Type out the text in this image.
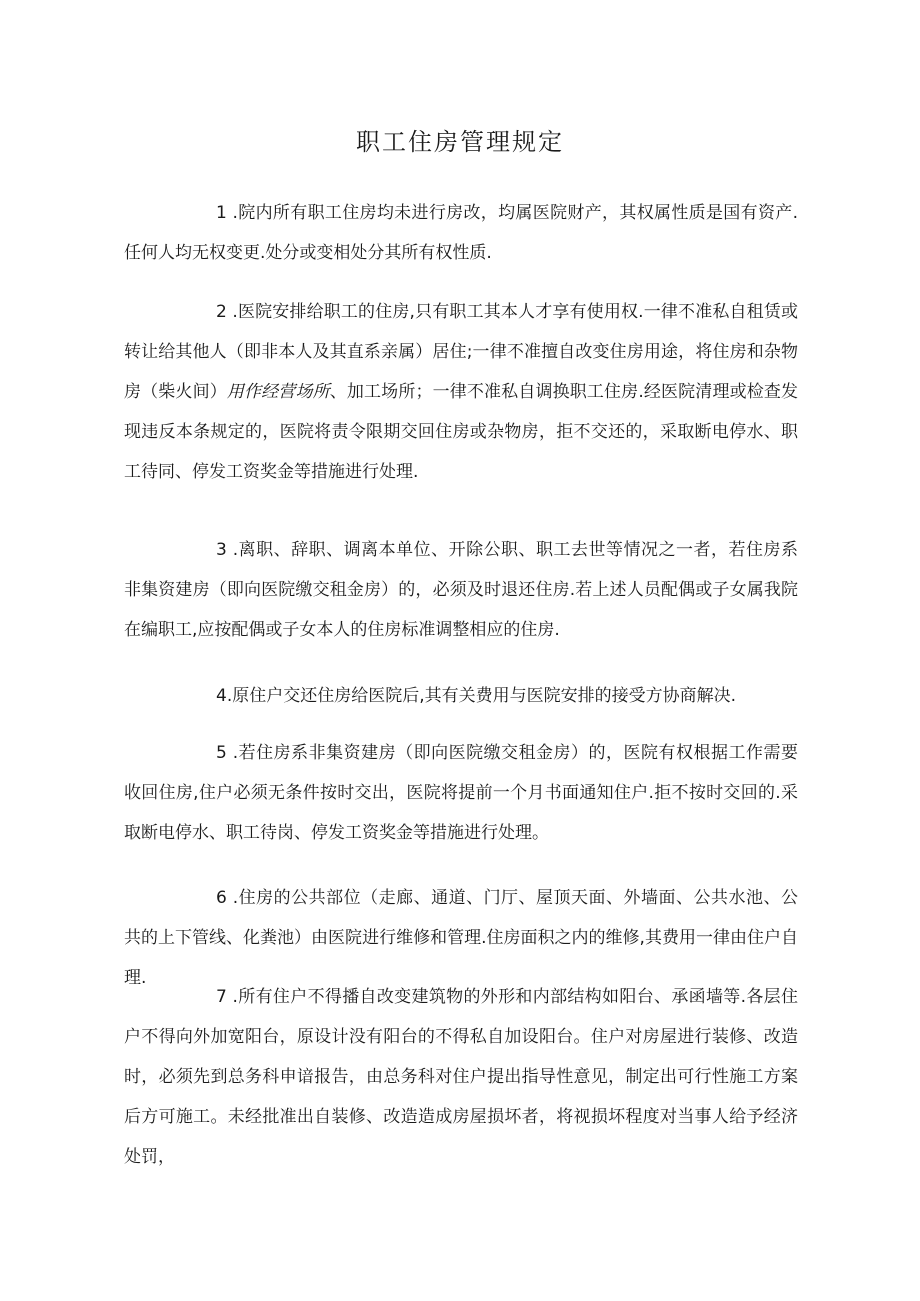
职工住房管理规定

1 .院内所有职工住房均未进行房改，均属医院财产，其权属性质是国有资产.任何人均无权变更.处分或变相处分其所有权性质.

2 .医院安排给职工的住房,只有职工其本人才享有使用权.一律不准私自租赁或转让给其他人（即非本人及其直系亲属）居住;一律不准擅自改变住房用途，将住房和杂物房（柴火间）用作经营场所、加工场所；一律不准私自调换职工住房.经医院清理或检查发现违反本条规定的，医院将责令限期交回住房或杂物房，拒不交还的，采取断电停水、职工待同、停发工资奖金等措施进行处理.

3 .离职、辞职、调离本单位、开除公职、职工去世等情况之一者，若住房系非集资建房（即向医院缴交租金房）的，必须及时退还住房.若上述人员配偶或子女属我院在编职工,应按配偶或子女本人的住房标准调整相应的住房.

4.原住户交还住房给医院后,其有关费用与医院安排的接受方协商解决.

5 .若住房系非集资建房（即向医院缴交租金房）的，医院有权根据工作需要收回住房,住户必须无条件按时交出，医院将提前一个月书面通知住户.拒不按时交回的.采取断电停水、职工待岗、停发工资奖金等措施进行处理。

6 .住房的公共部位（走廊、通道、门厅、屋顶天面、外墙面、公共水池、公共的上下管线、化粪池）由医院进行维修和管理.住房面积之内的维修,其费用一律由住户自理.

7 .所有住户不得播自改变建筑物的外形和内部结构如阳台、承函墙等.各层住户不得向外加宽阳台，原设计没有阳台的不得私自加设阳台。住户对房屋进行装修、改造时，必须先到总务科申谙报告，由总务科对住户提出指导性意见，制定出可行性施工方案后方可施工。未经批准出自装修、改造造成房屋损坏者，将视损坏程度对当事人给予经济处罚，
